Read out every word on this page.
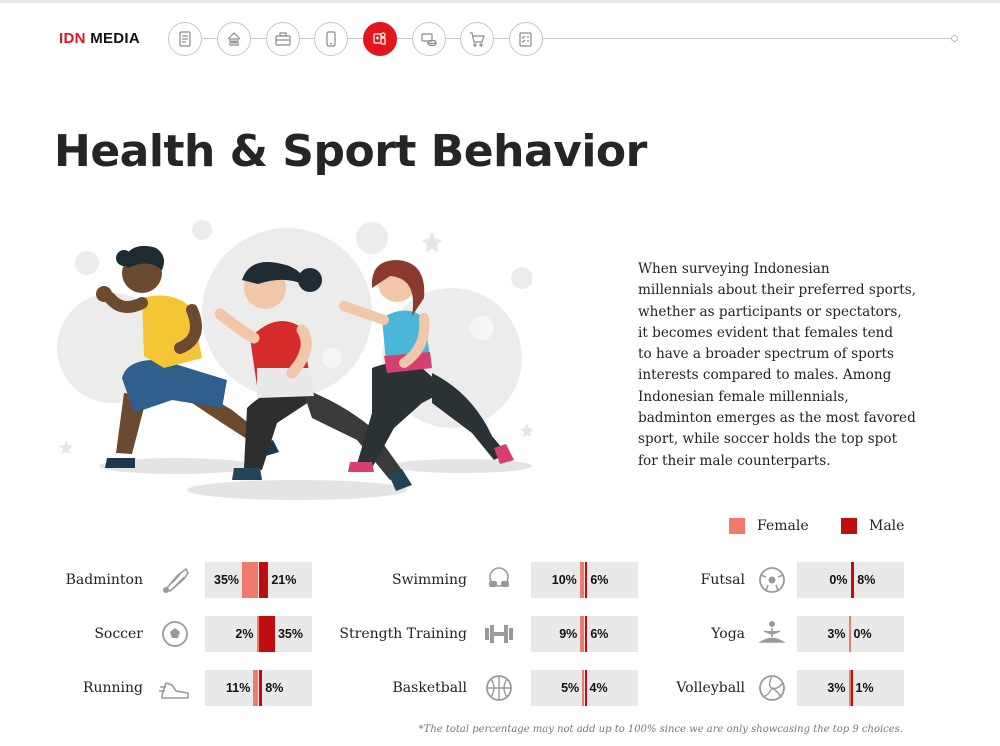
IDN MEDIA
Health & Sport Behavior
When surveying Indonesian
millennials about their preferred sports,
whether as participants or spectators,
it becomes evident that females tend
to have a broader spectrum of sports
interests compared to males. Among
Indonesian female millennials,
badminton emerges as the most favored
sport, while soccer holds the top spot
for their male counterparts.
Female	Male
Badminton	35%	21%
Soccer	2% 35%
Running	11% 8%
Swimming	10% 6%
Strength Training	9% 6%
Basketball	5% 4%
Futsal	0% 8%
Yoga	3% 0%
Volleyball	3% 1%
*The total percentage may not add up to 100% since we are only showcasing the top 9 choices.
